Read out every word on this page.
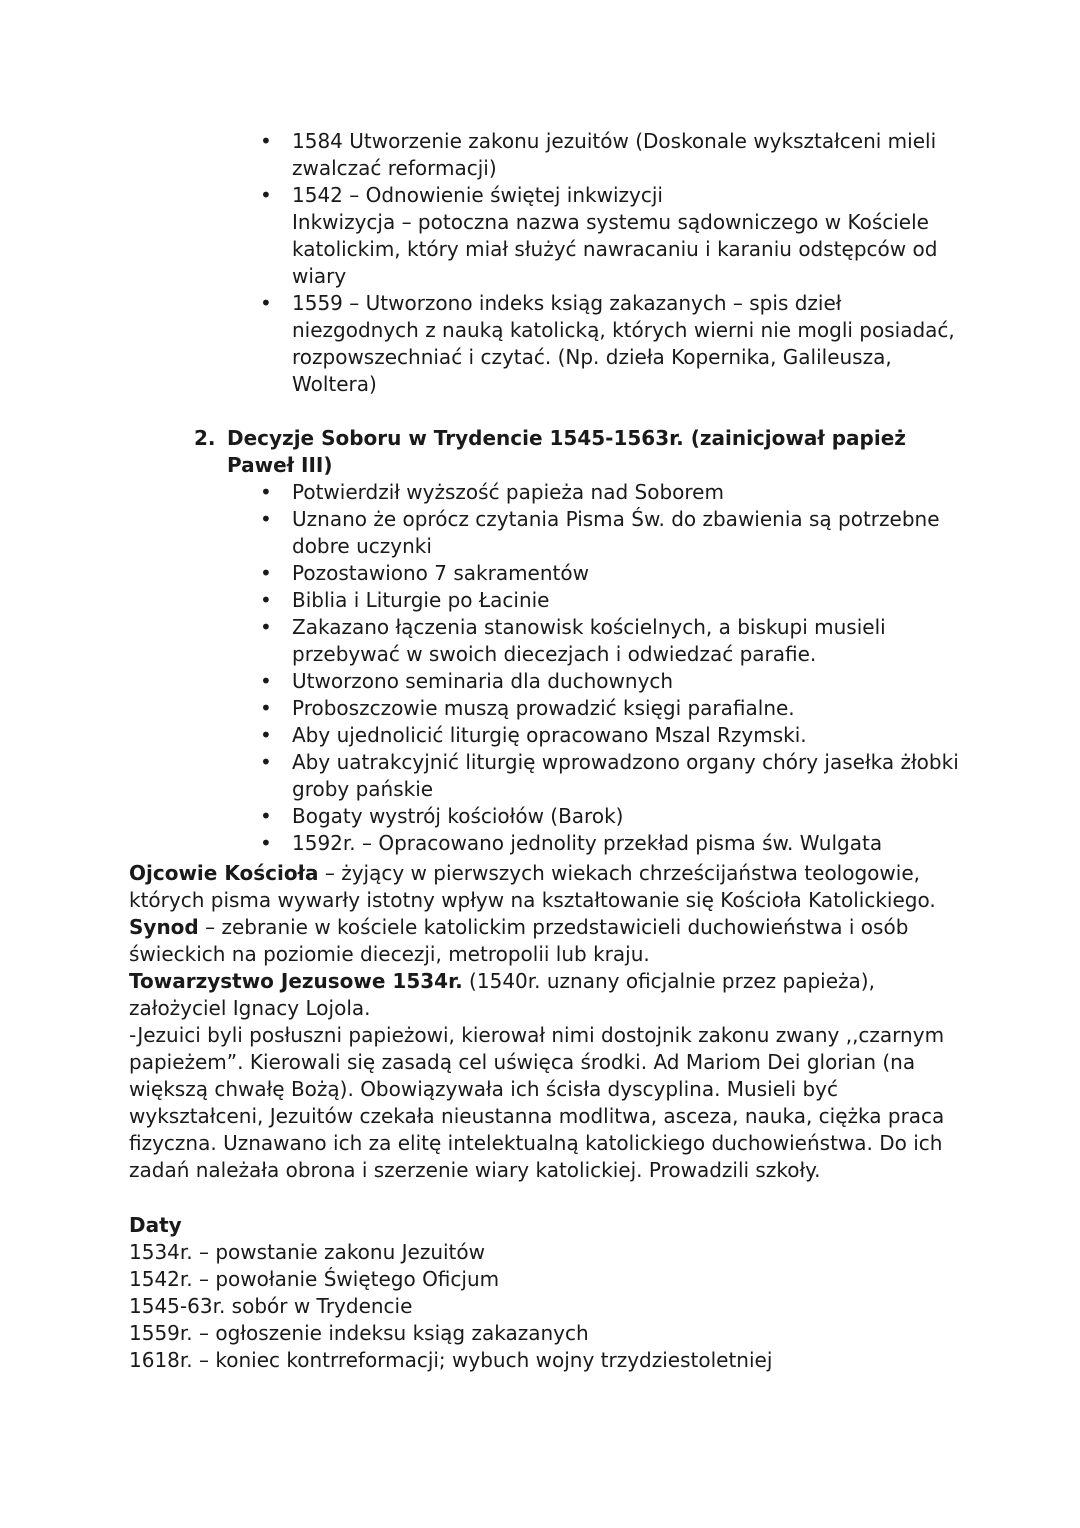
• 1584 Utworzenie zakonu jezuitów (Doskonale wykształceni mieli zwalczać reformacji)
• 1542 – Odnowienie świętej inkwizycji
Inkwizycja – potoczna nazwa systemu sądowniczego w Kościele katolickim, który miał służyć nawracaniu i karaniu odstępców od wiary
• 1559 – Utworzono indeks ksiąg zakazanych – spis dzieł niezgodnych z nauką katolicką, których wierni nie mogli posiadać, rozpowszechniać i czytać. (Np. dzieła Kopernika, Galileusza, Woltera)
2. Decyzje Soboru w Trydencie 1545-1563r. (zainicjował papież Paweł III)
• Potwierdził wyższość papieża nad Soborem
• Uznano że oprócz czytania Pisma Św. do zbawienia są potrzebne dobre uczynki
• Pozostawiono 7 sakramentów
• Biblia i Liturgie po Łacinie
• Zakazano łączenia stanowisk kościelnych, a biskupi musieli przebywać w swoich diecezjach i odwiedzać parafie.
• Utworzono seminaria dla duchownych
• Proboszczowie muszą prowadzić księgi parafialne.
• Aby ujednolicić liturgię opracowano Mszal Rzymski.
• Aby uatrakcyjnić liturgię wprowadzono organy chóry jasełka żłobki groby pańskie
• Bogaty wystrój kościołów (Barok)
• 1592r. – Opracowano jednolity przekład pisma św. Wulgata

Ojcowie Kościoła – żyjący w pierwszych wiekach chrześcijaństwa teologowie, których pisma wywarły istotny wpływ na kształtowanie się Kościoła Katolickiego.

Synod – zebranie w kościele katolickim przedstawicieli duchowieństwa i osób świeckich na poziomie diecezji, metropolii lub kraju.

Towarzystwo Jezusowe 1534r. (1540r. uznany oficjalnie przez papieża), założyciel Ignacy Lojola.

-Jezuici byli posłuszni papieżowi, kierował nimi dostojnik zakonu zwany ,,czarnym papieżem”. Kierowali się zasadą cel uświęca środki. Ad Mariom Dei glorian (na większą chwałę Bożą). Obowiązywała ich ścisła dyscyplina. Musieli być wykształceni, Jezuitów czekała nieustanna modlitwa, asceza, nauka, ciężka praca fizyczna. Uznawano ich za elitę intelektualną katolickiego duchowieństwa. Do ich zadań należała obrona i szerzenie wiary katolickiej. Prowadzili szkoły.

Daty

1534r. – powstanie zakonu Jezuitów

1542r. – powołanie Świętego Oficjum

1545-63r. sobór w Trydencie

1559r. – ogłoszenie indeksu ksiąg zakazanych

1618r. – koniec kontrreformacji; wybuch wojny trzydziestoletniej
